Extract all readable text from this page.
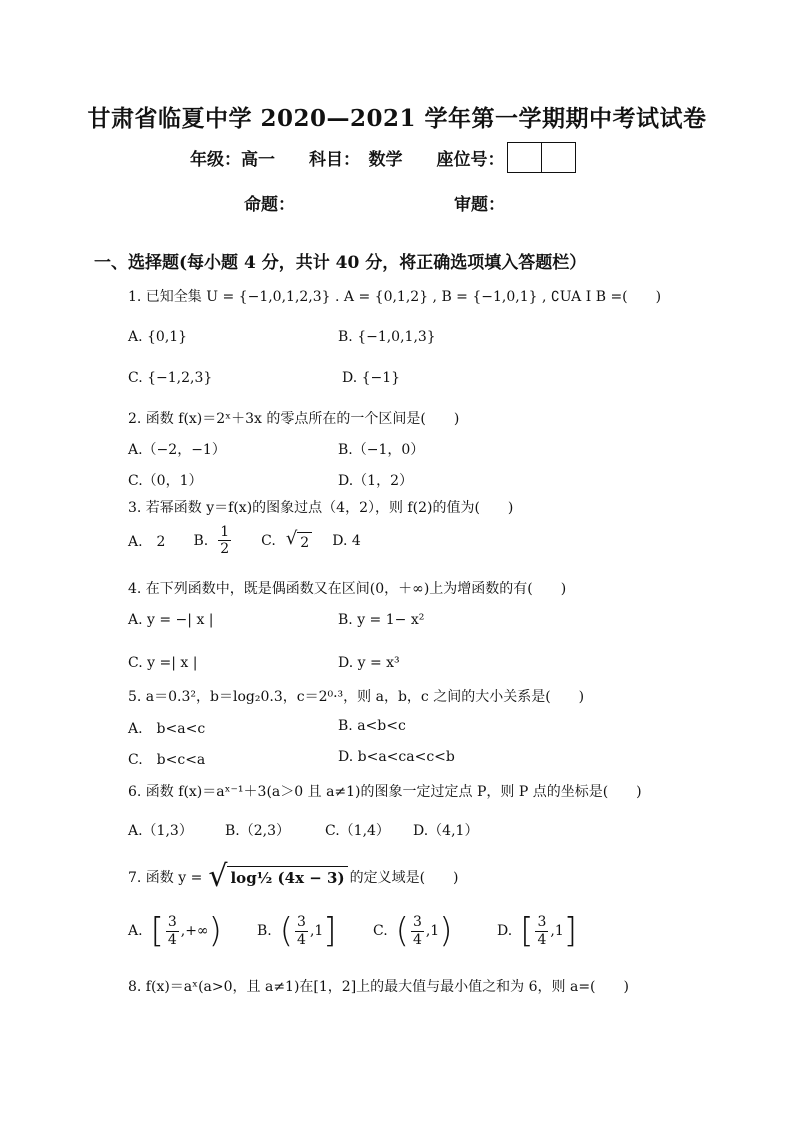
甘肃省临夏中学 2020—2021 学年第一学期期中考试试卷
年级：高一 科目：　数学 座位号：
命题：	审题：
一、选择题(每小题 4 分，共计 40 分，将正确选项填入答题栏）
1. 已知全集 U = {−1,0,1,2,3} . A = {0,1,2} , B = {−1,0,1} , ∁UA I B =(　　)
A. {0,1}	B. {−1,0,1,3}
C. {−1,2,3}	D. {−1}
2. 函数 f(x)＝2ˣ＋3x 的零点所在的一个区间是(　　)
A.（−2，−1）	B.（−1，0）
C.（0，1）	D.（1，2）
3. 若幂函数 y＝f(x)的图象过点（4，2），则 f(2)的值为(　　)
A.　2 B. $\frac{1}{2} C$. √ 2 D. 4
4. 在下列函数中，既是偶函数又在区间(0，＋∞)上为增函数的有(　　)
A. y = −| x |	B. y = 1− x²
C. y =| x |	D. y = x³
5. a＝0.3²，b＝log₂0.3，c＝2⁰·³，则 a，b，c 之间的大小关系是(　　)
A.　b<a<c	B. a<b<c
C.　b<c<a	D. b<a<ca<c<b
6. 函数 f(x)＝aˣ⁻¹＋3(a＞0 且 a≠1)的图象一定过定点 P，则 P 点的坐标是(　　)
A.（1,3） B.（2,3） C.（1,4） D.（4,1）
7. 函数 y = √ log½ (4x − 3) 的定义域是(　　)
A. [ $\frac{3}{4}$ ,+∞ )	B. ( $\frac{3}{4} ,1$ ]	C. ( $\frac{3}{4} ,1$ )	D. [ $\frac{3}{4} ,1$ ]
8. f(x)＝aˣ(a>0，且 a≠1)在[1，2]上的最大值与最小值之和为 6，则 a=(　　)
